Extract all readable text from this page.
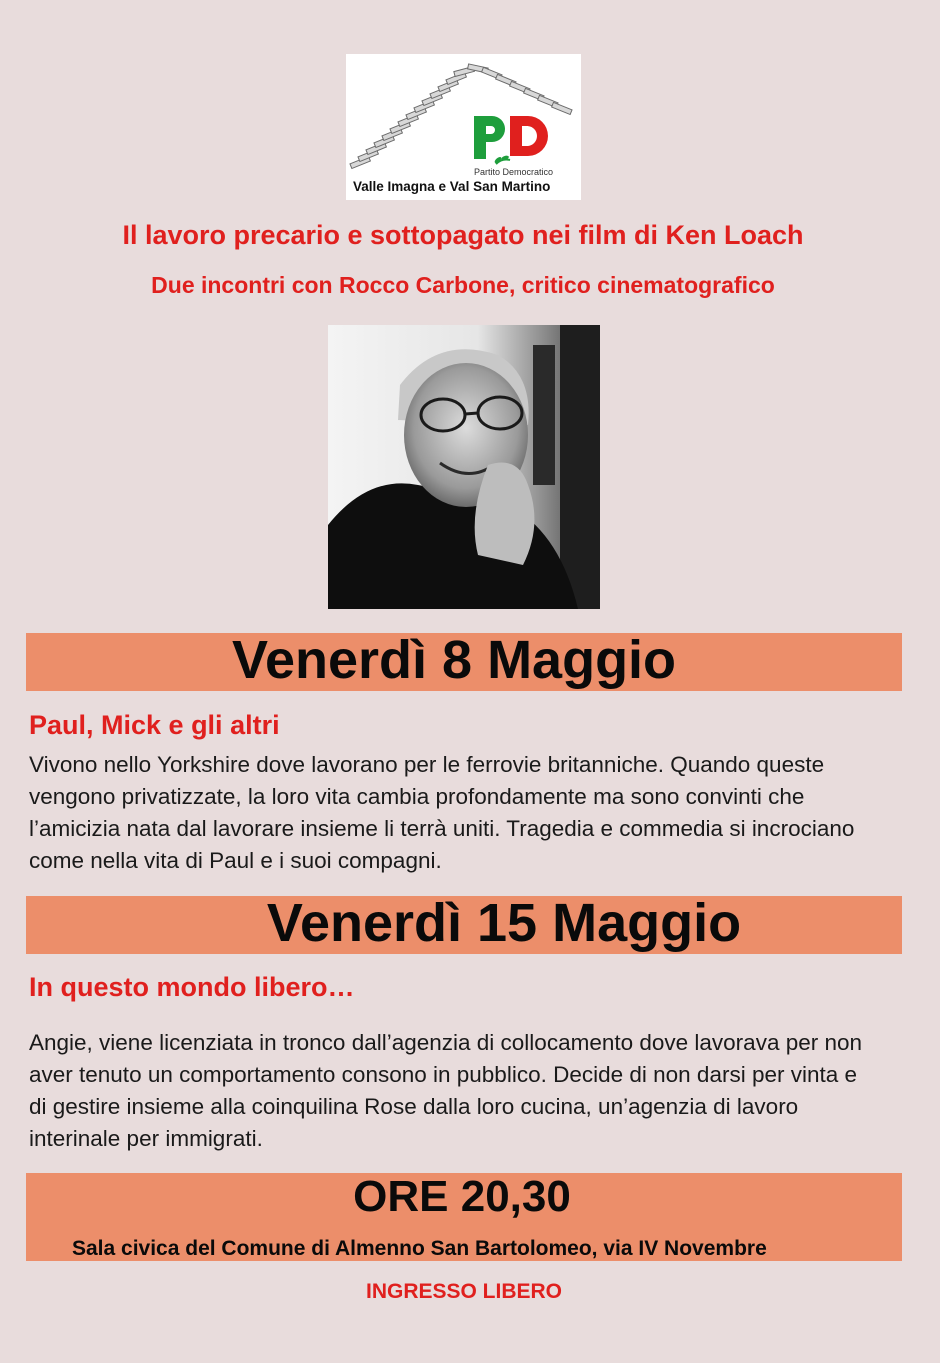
Partito Democratico
Valle Imagna e Val San Martino
Il lavoro precario e sottopagato nei film di Ken Loach
Due incontri con Rocco Carbone, critico cinematografico
Venerdì 8 Maggio
Paul, Mick e gli altri
Vivono nello Yorkshire dove lavorano per le ferrovie britanniche. Quando queste
vengono privatizzate, la loro vita cambia profondamente ma sono convinti che
l’amicizia nata dal lavorare insieme li terrà uniti. Tragedia e commedia si incrociano
come nella vita di Paul e i suoi compagni.
Venerdì 15 Maggio
In questo mondo libero…
Angie, viene licenziata in tronco dall’agenzia di collocamento dove lavorava per non
aver tenuto un comportamento consono in pubblico. Decide di non darsi per vinta e
di gestire insieme alla coinquilina Rose dalla loro cucina, un’agenzia di lavoro
interinale per immigrati.
ORE 20,30
Sala civica del Comune di Almenno San Bartolomeo, via IV Novembre
INGRESSO LIBERO
